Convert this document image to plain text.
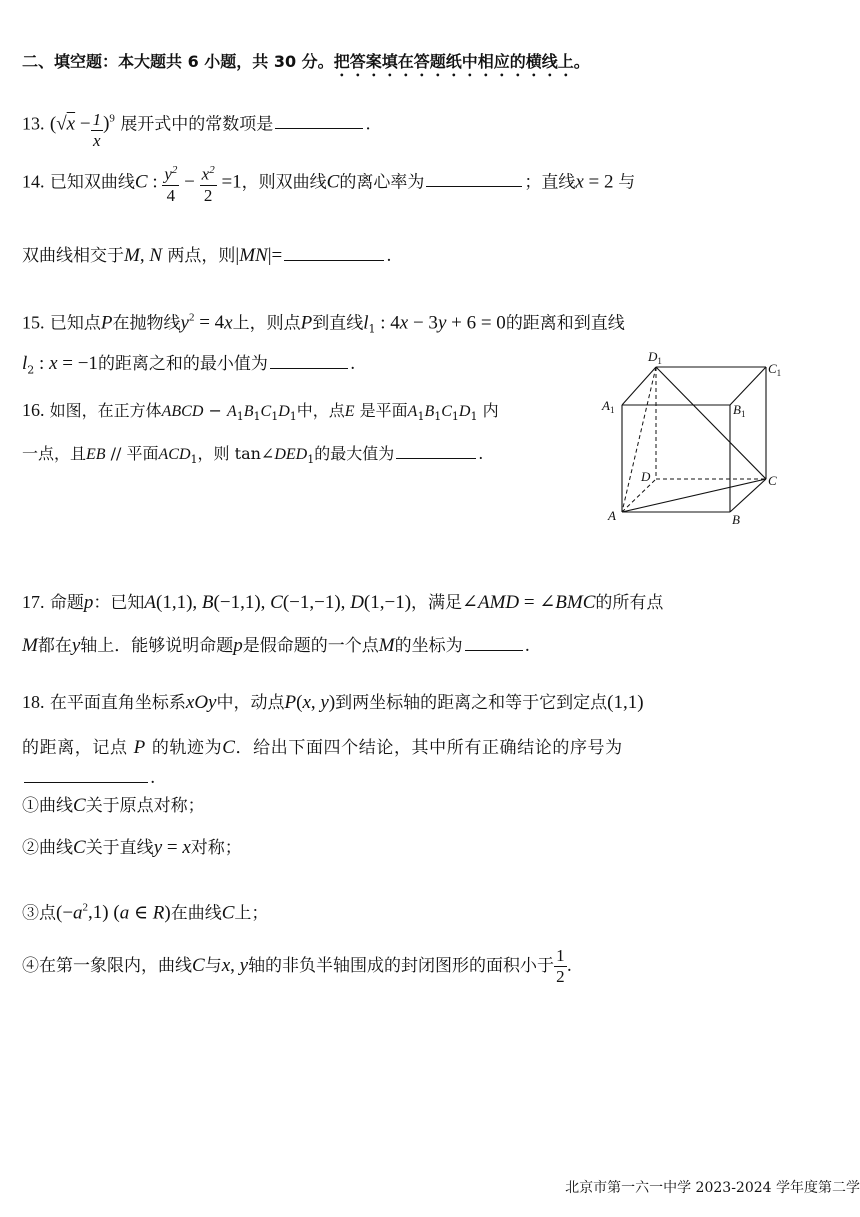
二、填空题：本大题共 6 小题，共 30 分。把答案填在答题纸中相应的横线上。
13. $(√x - \frac{1}{x} )^9$ 展开式中的常数项是	.
14. 已知双曲线C : $\frac{y^2}{4} - \frac{x^2}{2} =1$，则双曲线C的离心率为	；直线x = 2 与
双曲线相交于M, N 两点，则|MN|=	.
15. 已知点P在抛物线$y^2 = 4x$上，则点P到直线$l_1$ : 4x − 3y + 6 = 0的距离和到直线
$l_2$ : x = −1的距离之和的最小值为	.
16. 如图，在正方体ABCD − $A_1B_1C_1D_1$中，点E 是平面$A_1B_1C_1D_1$ 内
一点，且EB // 平面$ACD_1$，则 $\tan\angle DED_1$的最大值为	.
$D_1$	$C_1$
$A_1$	$B_1$
D	C
A	B
17. 命题p：已知A(1,1), B(−1,1), C(−1,−1), D(1,−1)，满足∠AMD = ∠BMC的所有点
M都在y轴上．能够说明命题p是假命题的一个点M的坐标为	.
18. 在平面直角坐标系xOy中，动点P(x, y)到两坐标轴的距离之和等于它到定点(1,1)
的距离，记点 P 的轨迹为C．给出下面四个结论，其中所有正确结论的序号为
.
①曲线C关于原点对称；
②曲线C关于直线y = x对称；
③点$(-a^2,1)$ (a ∈ R)在曲线C上；
④在第一象限内，曲线C与x, y轴的非负半轴围成的封闭图形的面积小于 $\frac{1}{2}$ .
北京市第一六一中学 2023-2024 学年度第二学
